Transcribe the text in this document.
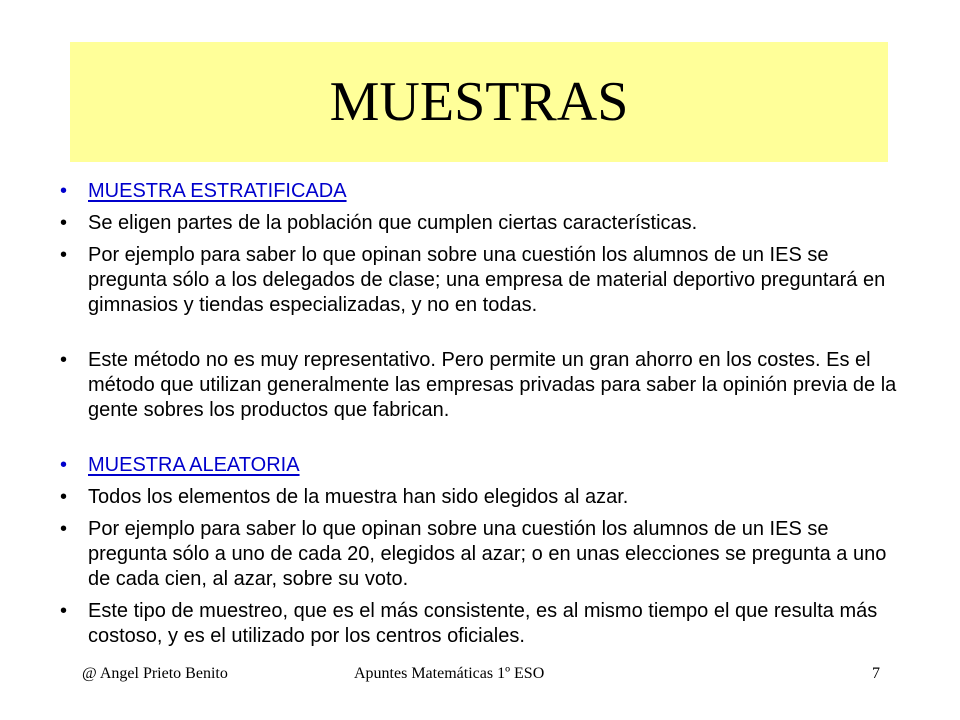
MUESTRAS
• MUESTRA ESTRATIFICADA
• Se eligen partes de la población que cumplen ciertas características.
• Por ejemplo para saber lo que opinan sobre una cuestión los alumnos de un IES se pregunta sólo a los delegados de clase; una empresa de material deportivo preguntará en gimnasios y tiendas especializadas, y no en todas.
• Este método no es muy representativo. Pero permite un gran ahorro en los costes. Es el método que utilizan generalmente las empresas privadas para saber la opinión previa de la gente sobres los productos que fabrican.
• MUESTRA ALEATORIA
• Todos los elementos de la muestra han sido elegidos al azar.
• Por ejemplo para saber lo que opinan sobre una cuestión los alumnos de un IES se pregunta sólo a uno de cada 20, elegidos al azar; o en unas elecciones se pregunta a uno de cada cien, al azar, sobre su voto.
• Este tipo de muestreo, que es el más consistente, es al mismo tiempo el que resulta más costoso, y es el utilizado por los centros oficiales.
@ Angel Prieto Benito	Apuntes Matemáticas 1º ESO	7
